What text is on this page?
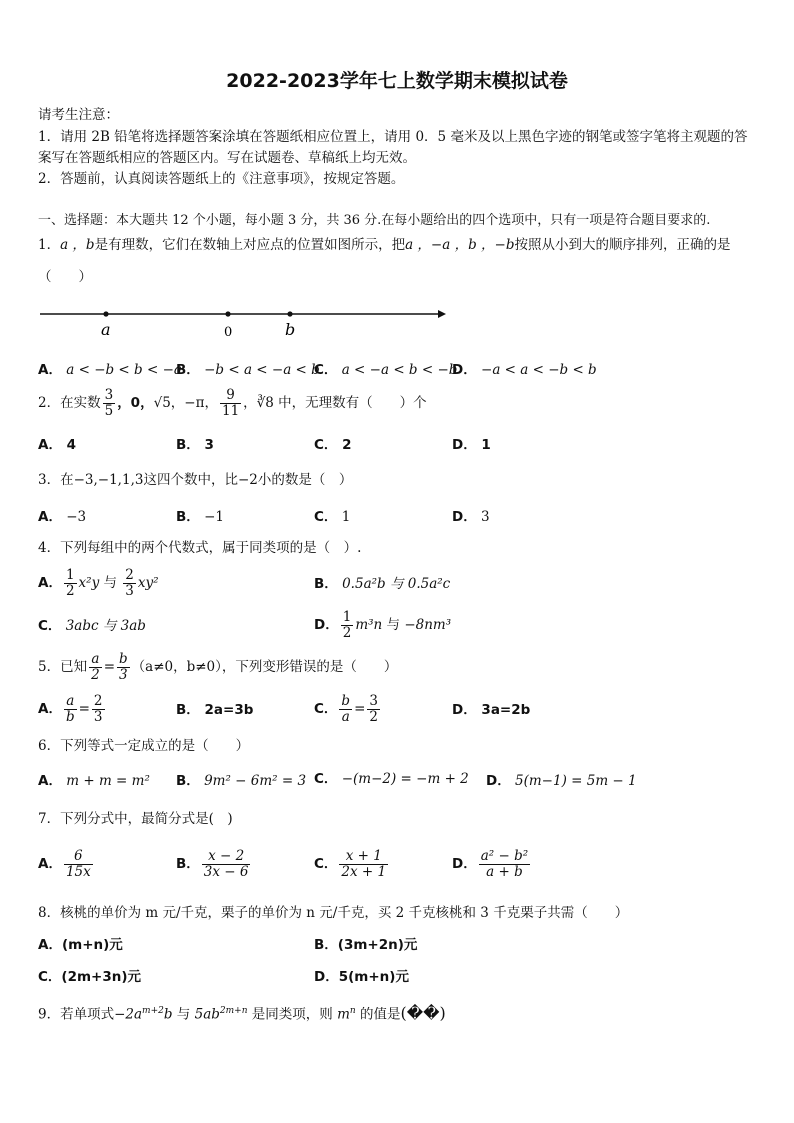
2022-2023学年七上数学期末模拟试卷
请考生注意：
1．请用 2B 铅笔将选择题答案涂填在答题纸相应位置上，请用 0．5 毫米及以上黑色字迹的钢笔或签字笔将主观题的答
案写在答题纸相应的答题区内。写在试题卷、草稿纸上均无效。
2．答题前，认真阅读答题纸上的《注意事项》，按规定答题。
一、选择题：本大题共 12 个小题，每小题 3 分，共 36 分.在每小题给出的四个选项中，只有一项是符合题目要求的.
1．a ，b是有理数，它们在数轴上对应点的位置如图所示，把a ，−a ，b ，−b按照从小到大的顺序排列，正确的是
（　　）
a	0	b
A． a < −b < b < −a
B． −b < a < −a < b
C． a < −a < b < −b
D． −a < a < −b < b
2．在实数 $\frac{3}{5}$ ，0，√5，−π， $\frac{9}{11}$ ，∛8 中，无理数有（　　）个
A． 4	B． 3	C． 2	D． 1
3．在−3,−1,1,3这四个数中，比−2小的数是（　）
A． −3	B． −1	C． 1	D． 3
4．下列每组中的两个代数式，属于同类项的是（　）.
A． $\frac{1}{2} x^2y$ 与 $\frac{2}{3} xy^2$	B． 0.5a²b 与 0.5a²c
C． 3abc 与 3ab	D． $\frac{1}{2} m^3n$ 与 −8nm³
5．已知 $\frac{a}{2} = \frac{b}{3} (a\ne 0$，b≠0），下列变形错误的是（　　）
A． $\frac{a}{b} = \frac{2}{3}$	B． 2a=3b	C． $\frac{b}{a} = \frac{3}{2}$	D． 3a=2b
6．下列等式一定成立的是（　　）
A． m + m = m² B． 9m² − 6m² = 3 C． −(m−2) = −m + 2 D． 5(m−1) = 5m − 1
7．下列分式中，最简分式是(　)
A． $\frac{6}{15x}$	B． $\frac{x - 2}{3x - 6}$	C． $\frac{x + 1}{2x + 1}$	D． $\frac{\text{a² − b²}}{a + b}$
8．核桃的单价为 m 元/千克，栗子的单价为 n 元/千克，买 2 千克核桃和 3 千克栗子共需（　　）
A．(m+n)元	B．(3m+2n)元
C．(2m+3n)元	D．5(m+n)元
9．若单项式$-2a^{m+2}b$ 与 $5ab^{2m+n}$ 是同类项，则 $m^n$ 的值是(��)
